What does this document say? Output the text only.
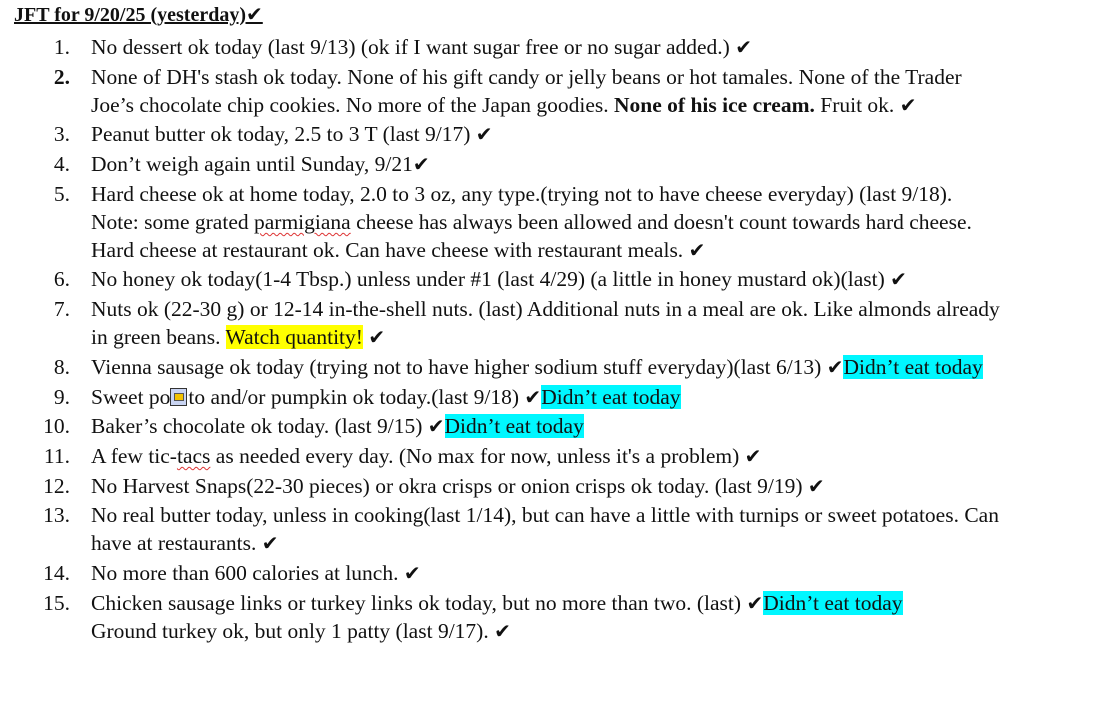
JFT for 9/20/25 (yesterday)✔
1. No dessert ok today (last 9/13) (ok if I want sugar free or no sugar added.) ✔
2. None of DH's stash ok today. None of his gift candy or jelly beans or hot tamales. None of the Trader Joe’s chocolate chip cookies. No more of the Japan goodies. None of his ice cream. Fruit ok. ✔
3. Peanut butter ok today, 2.5 to 3 T (last 9/17) ✔
4. Don’t weigh again until Sunday, 9/21✔
5. Hard cheese ok at home today, 2.0 to 3 oz, any type.(trying not to have cheese everyday) (last 9/18). Note: some grated parmigiana cheese has always been allowed and doesn't count towards hard cheese. Hard cheese at restaurant ok. Can have cheese with restaurant meals. ✔
6. No honey ok today(1-4 Tbsp.) unless under #1 (last 4/29) (a little in honey mustard ok)(last) ✔
7. Nuts ok (22-30 g) or 12-14 in-the-shell nuts. (last) Additional nuts in a meal are ok. Like almonds already in green beans. Watch quantity! ✔
8. Vienna sausage ok today (trying not to have higher sodium stuff everyday)(last 6/13) ✔Didn’t eat today
9. Sweet po to and/or pumpkin ok today.(last 9/18) ✔Didn’t eat today
10. Baker’s chocolate ok today. (last 9/15) ✔Didn’t eat today
11. A few tic-tacs as needed every day. (No max for now, unless it's a problem) ✔
12. No Harvest Snaps(22-30 pieces) or okra crisps or onion crisps ok today. (last 9/19) ✔
13. No real butter today, unless in cooking(last 1/14), but can have a little with turnips or sweet potatoes. Can have at restaurants. ✔
14. No more than 600 calories at lunch. ✔
15. Chicken sausage links or turkey links ok today, but no more than two. (last) ✔Didn’t eat today
Ground turkey ok, but only 1 patty (last 9/17). ✔
